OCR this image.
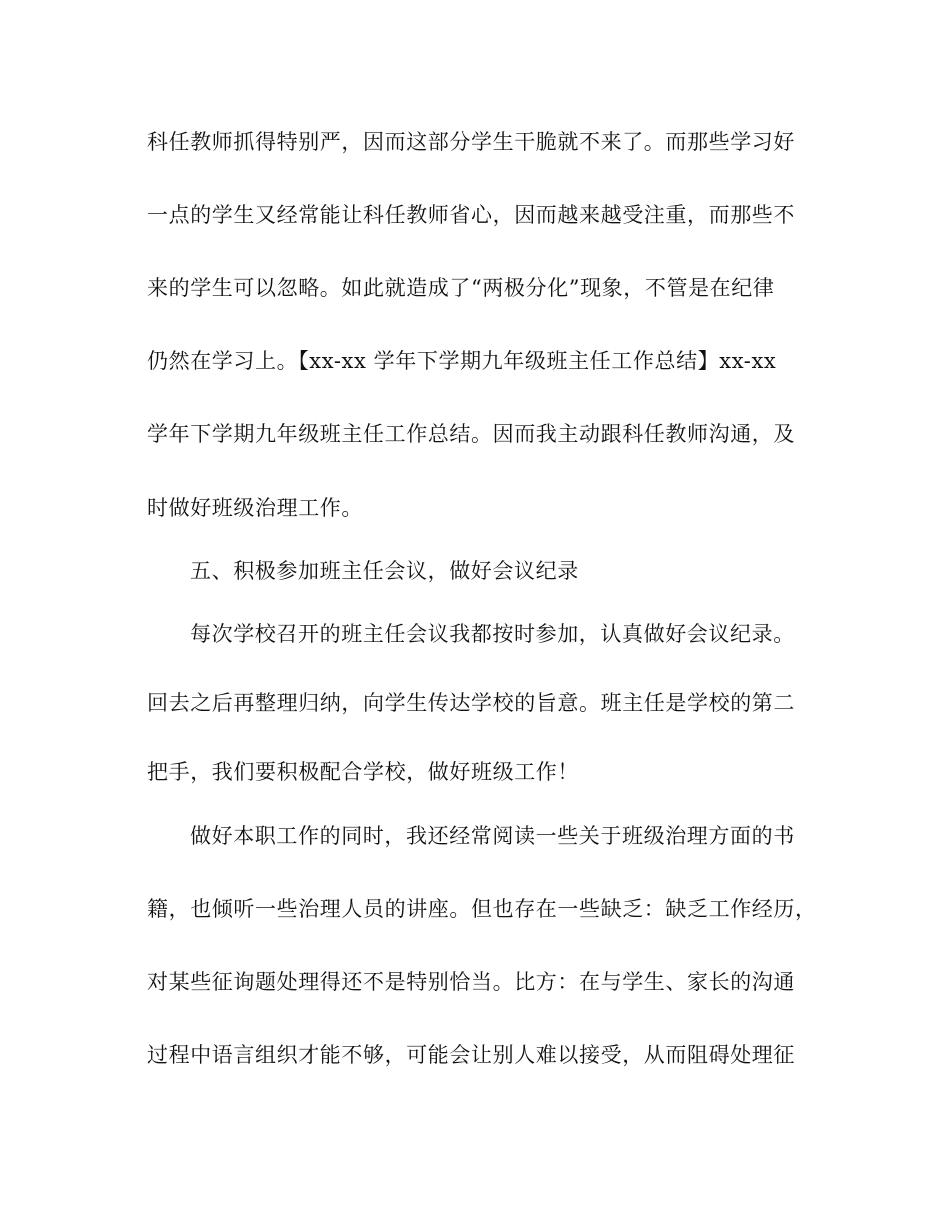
科任教师抓得特别严，因而这部分学生干脆就不来了。而那些学习好
一点的学生又经常能让科任教师省心，因而越来越受注重，而那些不
来的学生可以忽略。如此就造成了“两极分化”现象，不管是在纪律
仍然在学习上。【xx-xx 学年下学期九年级班主任工作总结】xx-xx
学年下学期九年级班主任工作总结。因而我主动跟科任教师沟通，及
时做好班级治理工作。
五、积极参加班主任会议，做好会议纪录
每次学校召开的班主任会议我都按时参加，认真做好会议纪录。
回去之后再整理归纳，向学生传达学校的旨意。班主任是学校的第二
把手，我们要积极配合学校，做好班级工作！
做好本职工作的同时，我还经常阅读一些关于班级治理方面的书
籍，也倾听一些治理人员的讲座。但也存在一些缺乏：缺乏工作经历，
对某些征询题处理得还不是特别恰当。比方：在与学生、家长的沟通
过程中语言组织才能不够，可能会让别人难以接受，从而阻碍处理征
